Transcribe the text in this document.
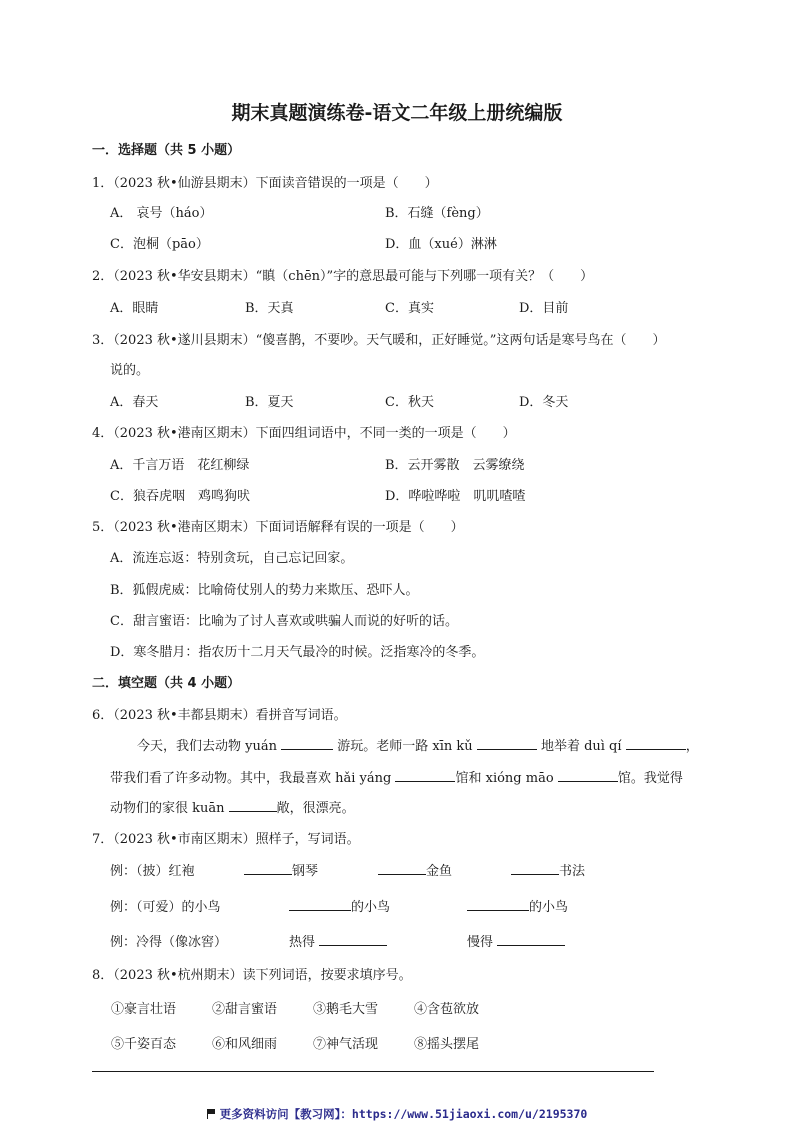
期末真题演练卷-语文二年级上册统编版
一．选择题（共 5 小题）
1．（2023 秋•仙游县期末）下面读音错误的一项是（　　）
A． 哀号（háo）	B．石缝（fèng）
C．泡桐（pāo）	D．血（xué）淋淋
2．（2023 秋•华安县期末）“瞋（chēn）”字的意思最可能与下列哪一项有关？（　　）
A．眼睛	B．天真	C．真实	D．目前
3．（2023 秋•遂川县期末）“傻喜鹊，不要吵。天气暖和，正好睡觉。”这两句话是寒号鸟在（　　）
说的。
A．春天	B．夏天	C．秋天	D．冬天
4．（2023 秋•港南区期末）下面四组词语中，不同一类的一项是（　　）
A．千言万语　花红柳绿	B．云开雾散　云雾缭绕
C．狼吞虎咽　鸡鸣狗吠	D．哗啦哗啦　叽叽喳喳
5．（2023 秋•港南区期末）下面词语解释有误的一项是（　　）
A．流连忘返：特别贪玩，自己忘记回家。
B．狐假虎威：比喻倚仗别人的势力来欺压、恐吓人。
C．甜言蜜语：比喻为了讨人喜欢或哄骗人而说的好听的话。
D．寒冬腊月：指农历十二月天气最冷的时候。泛指寒冷的冬季。
二．填空题（共 4 小题）
6．（2023 秋•丰都县期末）看拼音写词语。
今天，我们去动物 yuán	游玩。老师一路 xīn kǔ	地举着 duì qí	，
带我们看了许多动物。其中，我最喜欢 hǎi yáng	馆和 xióng māo	馆。我觉得
动物们的家很 kuān	敞，很漂亮。
7．（2023 秋•市南区期末）照样子，写词语。
例：（披）红袍	钢琴	金鱼	书法
例：（可爱）的小鸟	的小鸟	的小鸟
例：冷得（像冰窖）	热得	慢得
8．（2023 秋•杭州期末）读下列词语，按要求填序号。
①豪言壮语	②甜言蜜语	③鹅毛大雪	④含苞欲放
⑤千姿百态	⑥和风细雨	⑦神气活现	⑧摇头摆尾
更多资料访问【教习网】：https://www.51jiaoxi.com/u/2195370
